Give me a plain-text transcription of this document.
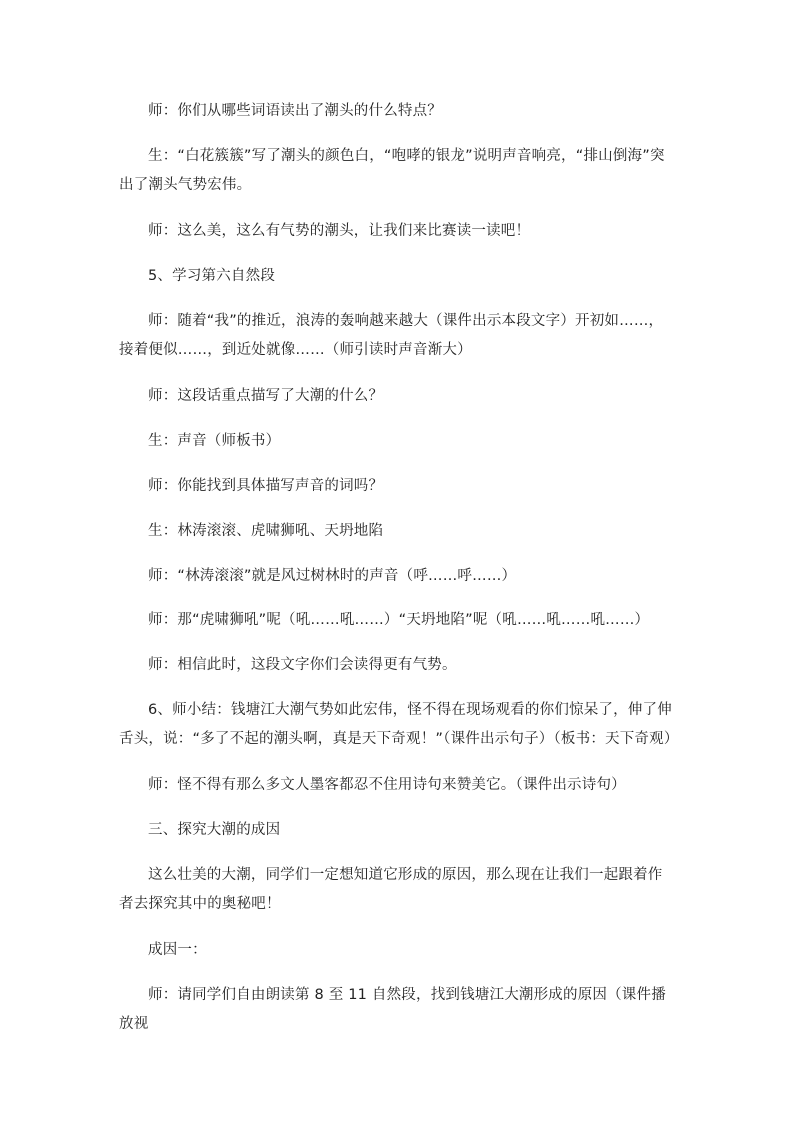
师：你们从哪些词语读出了潮头的什么特点？

生：“白花簇簇”写了潮头的颜色白，“咆哮的银龙”说明声音响亮，“排山倒海”突出了潮头气势宏伟。

师：这么美，这么有气势的潮头，让我们来比赛读一读吧！

5、学习第六自然段

师：随着“我”的推近，浪涛的轰响越来越大（课件出示本段文字）开初如……，接着便似……，到近处就像……（师引读时声音渐大）

师：这段话重点描写了大潮的什么？

生：声音（师板书）

师：你能找到具体描写声音的词吗？

生：林涛滚滚、虎啸狮吼、天坍地陷

师：“林涛滚滚”就是风过树林时的声音（呼……呼……）

师：那“虎啸狮吼”呢（吼……吼……）“天坍地陷”呢（吼……吼……吼……）

师：相信此时，这段文字你们会读得更有气势。

6、师小结：钱塘江大潮气势如此宏伟，怪不得在现场观看的你们惊呆了，伸了伸舌头，说：“多了不起的潮头啊，真是天下奇观！”（课件出示句子）（板书：天下奇观）

师：怪不得有那么多文人墨客都忍不住用诗句来赞美它。（课件出示诗句）

三、探究大潮的成因

这么壮美的大潮，同学们一定想知道它形成的原因，那么现在让我们一起跟着作者去探究其中的奥秘吧！

成因一：

师：请同学们自由朗读第 8 至 11 自然段，找到钱塘江大潮形成的原因（课件播放视
